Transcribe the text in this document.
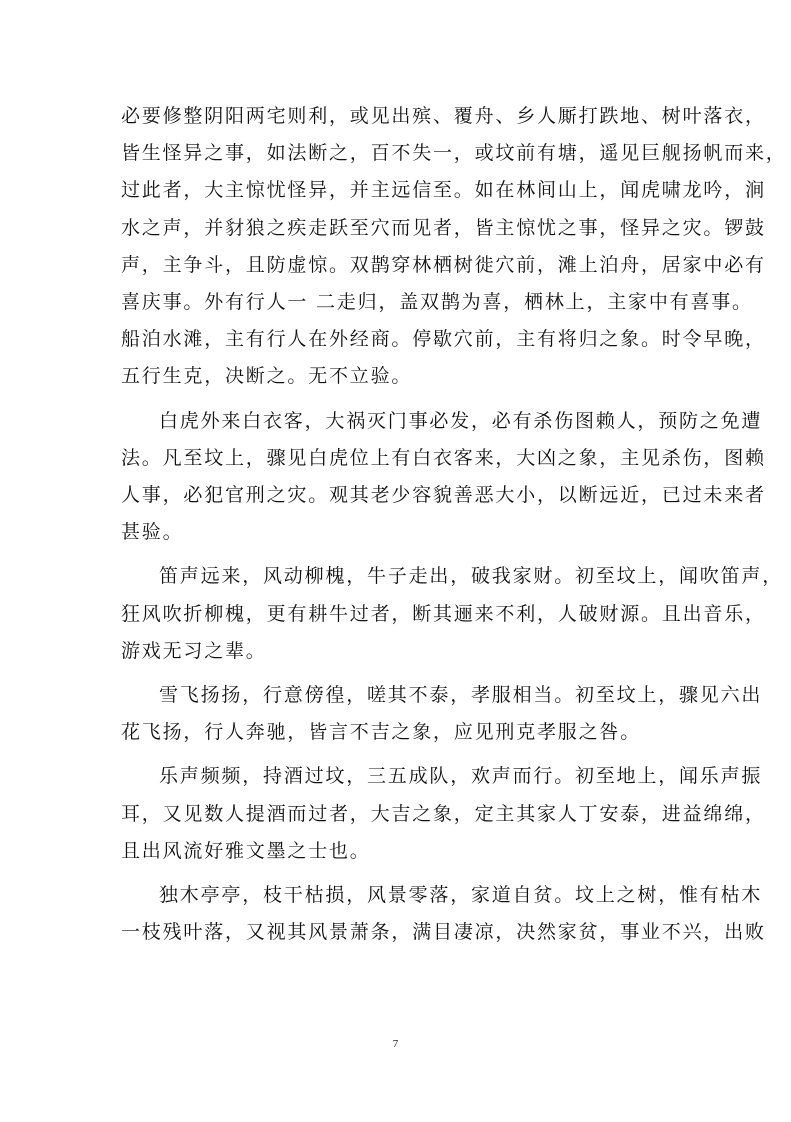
必要修整阴阳两宅则利，或见出殡、覆舟、乡人厮打跌地、树叶落衣，
皆生怪异之事，如法断之，百不失一，或坟前有塘，遥见巨舰扬帆而来，
过此者，大主惊忧怪异，并主远信至。如在林间山上，闻虎啸龙吟，涧
水之声，并豺狼之疾走跃至穴而见者，皆主惊忧之事，怪异之灾。锣鼓
声，主争斗，且防虚惊。双鹊穿林栖树徙穴前，滩上泊舟，居家中必有
喜庆事。外有行人一 二走归，盖双鹊为喜，栖林上，主家中有喜事。
船泊水滩，主有行人在外经商。停歇穴前，主有将归之象。时令早晚，
五行生克，决断之。无不立验。

白虎外来白衣客，大祸灭门事必发，必有杀伤图赖人，预防之免遭
法。凡至坟上，骤见白虎位上有白衣客来，大凶之象，主见杀伤，图赖
人事，必犯官刑之灾。观其老少容貌善恶大小，以断远近，已过未来者
甚验。

笛声远来，风动柳槐，牛子走出，破我家财。初至坟上，闻吹笛声，
狂风吹折柳槐，更有耕牛过者，断其逦来不利，人破财源。且出音乐，
游戏无习之辈。

雪飞扬扬，行意傍徨，嗟其不泰，孝服相当。初至坟上，骤见六出
花飞扬，行人奔驰，皆言不吉之象，应见刑克孝服之咎。

乐声频频，持酒过坟，三五成队，欢声而行。初至地上，闻乐声振
耳，又见数人提酒而过者，大吉之象，定主其家人丁安泰，进益绵绵，
且出风流好雅文墨之士也。

独木亭亭，枝干枯损，风景零落，家道自贫。坟上之树，惟有枯木
一枝残叶落，又视其风景萧条，满目凄凉，决然家贫，事业不兴，出败

7
